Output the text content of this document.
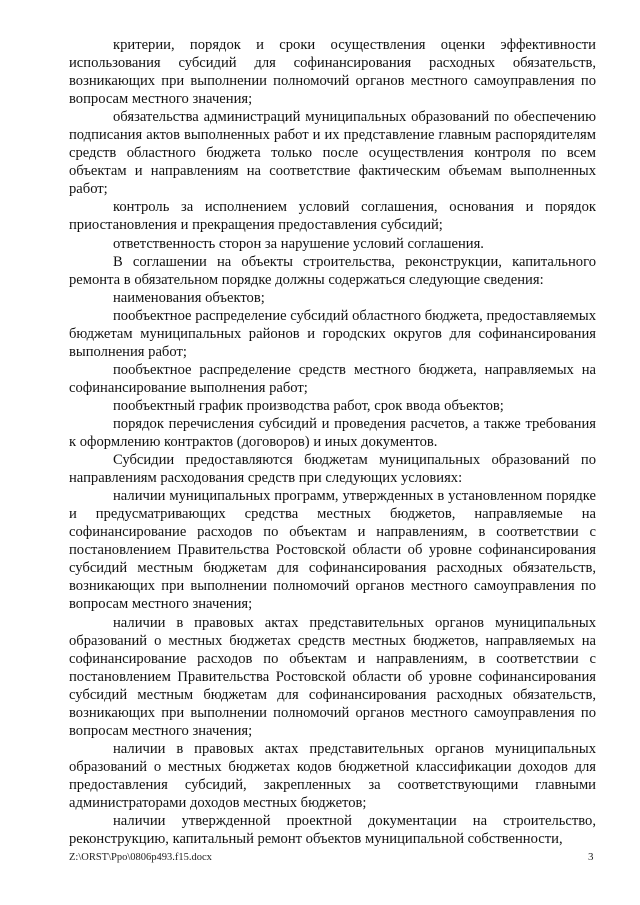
критерии, порядок и сроки осуществления оценки эффективности использования субсидий для софинансирования расходных обязательств, возникающих при выполнении полномочий органов местного самоуправления по вопросам местного значения;

обязательства администраций муниципальных образований по обеспечению подписания актов выполненных работ и их представление главным распорядителям средств областного бюджета только после осуществления контроля по всем объектам и направлениям на соответствие фактическим объемам выполненных работ;

контроль за исполнением условий соглашения, основания и порядок приостановления и прекращения предоставления субсидий;

ответственность сторон за нарушение условий соглашения.

В соглашении на объекты строительства, реконструкции, капитального ремонта в обязательном порядке должны содержаться следующие сведения:

наименования объектов;

пообъектное распределение субсидий областного бюджета, предоставляемых бюджетам муниципальных районов и городских округов для софинансирования выполнения работ;

пообъектное распределение средств местного бюджета, направляемых на софинансирование выполнения работ;

пообъектный график производства работ, срок ввода объектов;

порядок перечисления субсидий и проведения расчетов, а также требования к оформлению контрактов (договоров) и иных документов.

Субсидии предоставляются бюджетам муниципальных образований по направлениям расходования средств при следующих условиях:

наличии муниципальных программ, утвержденных в установленном порядке и предусматривающих средства местных бюджетов, направляемые на софинансирование расходов по объектам и направлениям, в соответствии с постановлением Правительства Ростовской области об уровне софинансирования субсидий местным бюджетам для софинансирования расходных обязательств, возникающих при выполнении полномочий органов местного самоуправления по вопросам местного значения;

наличии в правовых актах представительных органов муниципальных образований о местных бюджетах средств местных бюджетов, направляемых на софинансирование расходов по объектам и направлениям, в соответствии с постановлением Правительства Ростовской области об уровне софинансирования субсидий местным бюджетам для софинансирования расходных обязательств, возникающих при выполнении полномочий органов местного самоуправления по вопросам местного значения;

наличии в правовых актах представительных органов муниципальных образований о местных бюджетах кодов бюджетной классификации доходов для предоставления субсидий, закрепленных за соответствующими главными администраторами доходов местных бюджетов;

наличии утвержденной проектной документации на строительство, реконструкцию, капитальный ремонт объектов муниципальной собственности,

Z:\ORST\Ppo\0806p493.f15.docx	3
